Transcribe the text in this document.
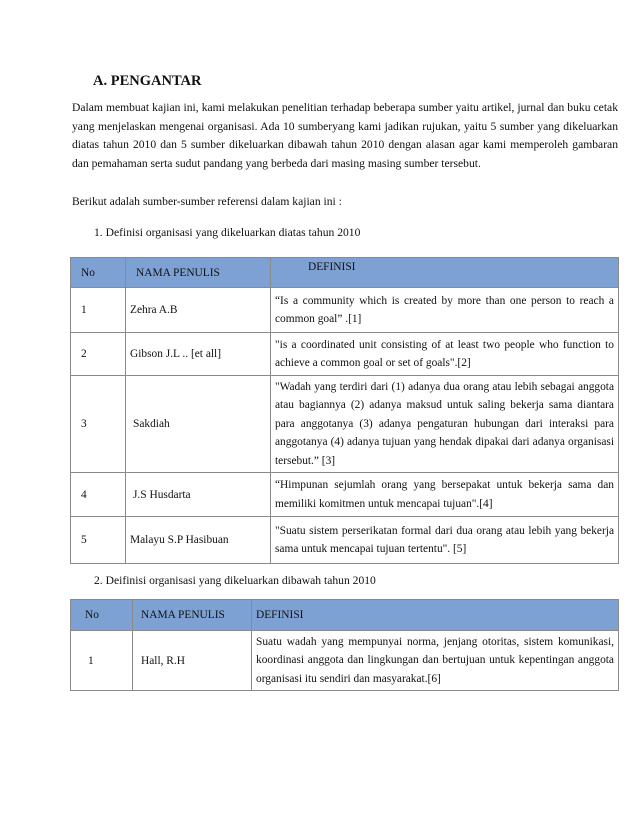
A. PENGANTAR
Dalam membuat kajian ini, kami melakukan penelitian terhadap beberapa sumber yaitu artikel, jurnal dan buku cetak yang menjelaskan mengenai organisasi. Ada 10 sumberyang kami jadikan rujukan, yaitu 5 sumber yang dikeluarkan diatas tahun 2010 dan 5 sumber dikeluarkan dibawah tahun 2010 dengan alasan agar kami memperoleh gambaran dan pemahaman serta sudut pandang yang berbeda dari masing masing sumber tersebut.
Berikut adalah sumber-sumber referensi dalam kajian ini :
1. Definisi organisasi yang dikeluarkan diatas tahun 2010
No	NAMA PENULIS	DEFINISI
1	Zehra A.B	“Is a community which is created by more than one person to reach a common goal” .[1]
2	Gibson J.L .. [et all]	"is a coordinated unit consisting of at least two people who function to achieve a common goal or set of goals".[2]
3	Sakdiah	"Wadah yang terdiri dari (1) adanya dua orang atau lebih sebagai anggota atau bagiannya (2) adanya maksud untuk saling bekerja sama diantara para anggotanya (3) adanya pengaturan hubungan dari interaksi para anggotanya (4) adanya tujuan yang hendak dipakai dari adanya organisasi tersebut.” [3]
4	J.S Husdarta	“Himpunan sejumlah orang yang bersepakat untuk bekerja sama dan memiliki komitmen untuk mencapai tujuan".[4]
5	Malayu S.P Hasibuan	"Suatu sistem perserikatan formal dari dua orang atau lebih yang bekerja sama untuk mencapai tujuan tertentu". [5]
2. Deifinisi organisasi yang dikeluarkan dibawah tahun 2010
No	NAMA PENULIS	DEFINISI
1	Hall, R.H	Suatu wadah yang mempunyai norma, jenjang otoritas, sistem komunikasi, koordinasi anggota dan lingkungan dan bertujuan untuk kepentingan anggota organisasi itu sendiri dan masyarakat.[6]
